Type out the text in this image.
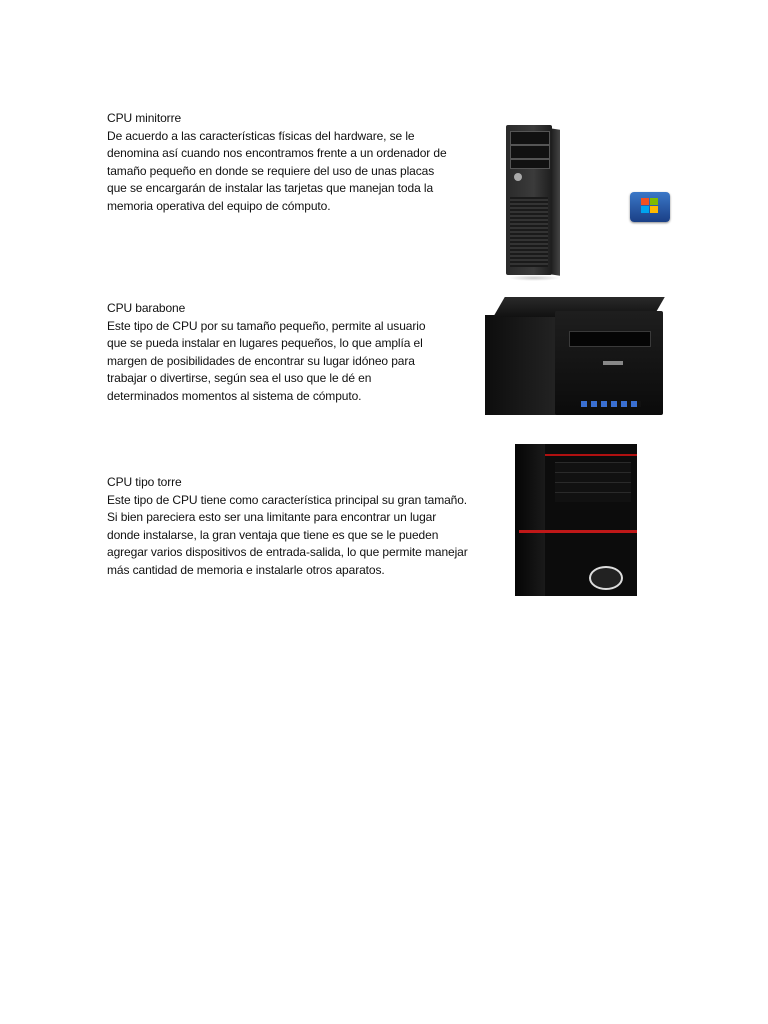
CPU minitorre

De acuerdo a las características físicas del hardware, se le
denomina así cuando nos encontramos frente a un ordenador de
tamaño pequeño en donde se requiere del uso de unas placas
que se encargarán de instalar las tarjetas que manejan toda la
memoria operativa del equipo de cómputo.

CPU barabone

Este tipo de CPU por su tamaño pequeño, permite al usuario
que se pueda instalar en lugares pequeños, lo que amplía el
margen de posibilidades de encontrar su lugar idóneo para
trabajar o divertirse, según sea el uso que le dé en
determinados momentos al sistema de cómputo.

CPU tipo torre

Este tipo de CPU tiene como característica principal su gran tamaño.
Si bien pareciera esto ser una limitante para encontrar un lugar
donde instalarse, la gran ventaja que tiene es que se le pueden
agregar varios dispositivos de entrada-salida, lo que permite manejar
más cantidad de memoria e instalarle otros aparatos.
